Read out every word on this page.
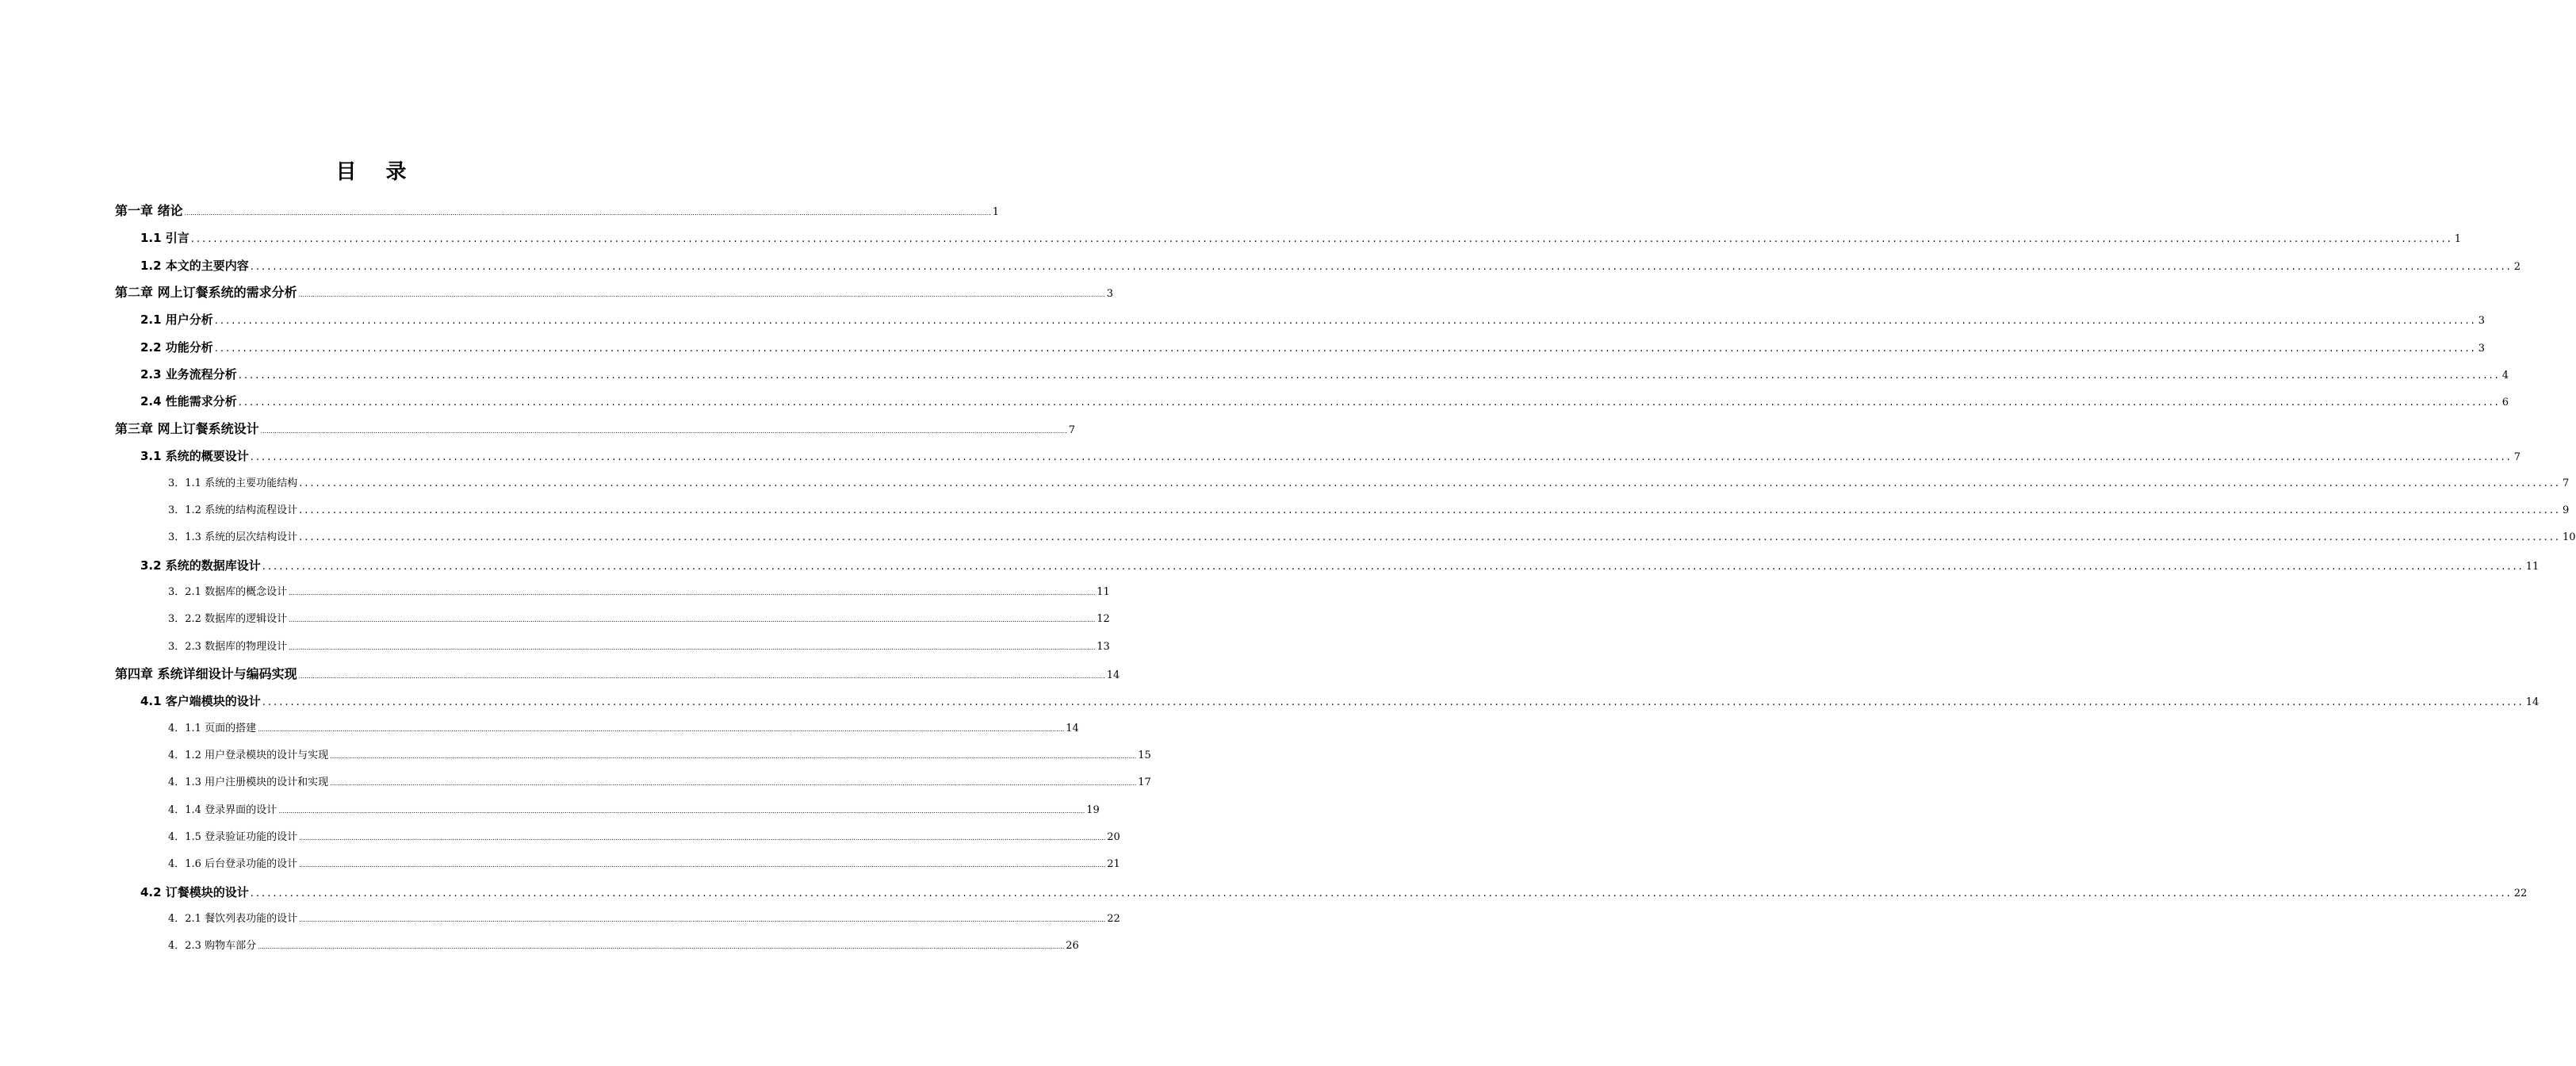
目 录
第一章 绪论 ................................................................................................................................................................................................................................................................................................................................................................................................................ 1
1.1 引言 ................................................................................................................................................................................................................................................................................................................................................................................................................ 1
1.2 本文的主要内容 ................................................................................................................................................................................................................................................................................................................................................................................................................ 2
第二章 网上订餐系统的需求分析 ................................................................................................................................................................................................................................................................................................................................................................................................................ 3
2.1 用户分析 ................................................................................................................................................................................................................................................................................................................................................................................................................ 3
2.2 功能分析 ................................................................................................................................................................................................................................................................................................................................................................................................................ 3
2.3 业务流程分析 ................................................................................................................................................................................................................................................................................................................................................................................................................ 4
2.4 性能需求分析 ................................................................................................................................................................................................................................................................................................................................................................................................................ 6
第三章 网上订餐系统设计 ................................................................................................................................................................................................................................................................................................................................................................................................................ 7
3.1 系统的概要设计 ................................................................................................................................................................................................................................................................................................................................................................................................................ 7
3．1.1 系统的主要功能结构 ................................................................................................................................................................................................................................................................................................................................................................................................................ 7
3．1.2 系统的结构流程设计 ................................................................................................................................................................................................................................................................................................................................................................................................................ 9
3．1.3 系统的层次结构设计 ................................................................................................................................................................................................................................................................................................................................................................................................................ 10
3.2 系统的数据库设计 ................................................................................................................................................................................................................................................................................................................................................................................................................ 11
3．2.1 数据库的概念设计 ................................................................................................................................................................................................................................................................................................................................................................................................................ 11
3．2.2 数据库的逻辑设计 ................................................................................................................................................................................................................................................................................................................................................................................................................ 12
3．2.3 数据库的物理设计 ................................................................................................................................................................................................................................................................................................................................................................................................................ 13
第四章 系统详细设计与编码实现 ................................................................................................................................................................................................................................................................................................................................................................................................................ 14
4.1 客户端模块的设计 ................................................................................................................................................................................................................................................................................................................................................................................................................ 14
4．1.1 页面的搭建 ................................................................................................................................................................................................................................................................................................................................................................................................................ 14
4．1.2 用户登录模块的设计与实现 ................................................................................................................................................................................................................................................................................................................................................................................................................ 15
4．1.3 用户注册模块的设计和实现 ................................................................................................................................................................................................................................................................................................................................................................................................................ 17
4．1.4 登录界面的设计 ................................................................................................................................................................................................................................................................................................................................................................................................................ 19
4．1.5 登录验证功能的设计 ................................................................................................................................................................................................................................................................................................................................................................................................................ 20
4．1.6 后台登录功能的设计 ................................................................................................................................................................................................................................................................................................................................................................................................................ 21
4.2 订餐模块的设计 ................................................................................................................................................................................................................................................................................................................................................................................................................ 22
4．2.1 餐饮列表功能的设计 ................................................................................................................................................................................................................................................................................................................................................................................................................ 22
4．2.3 购物车部分 ................................................................................................................................................................................................................................................................................................................................................................................................................ 26
